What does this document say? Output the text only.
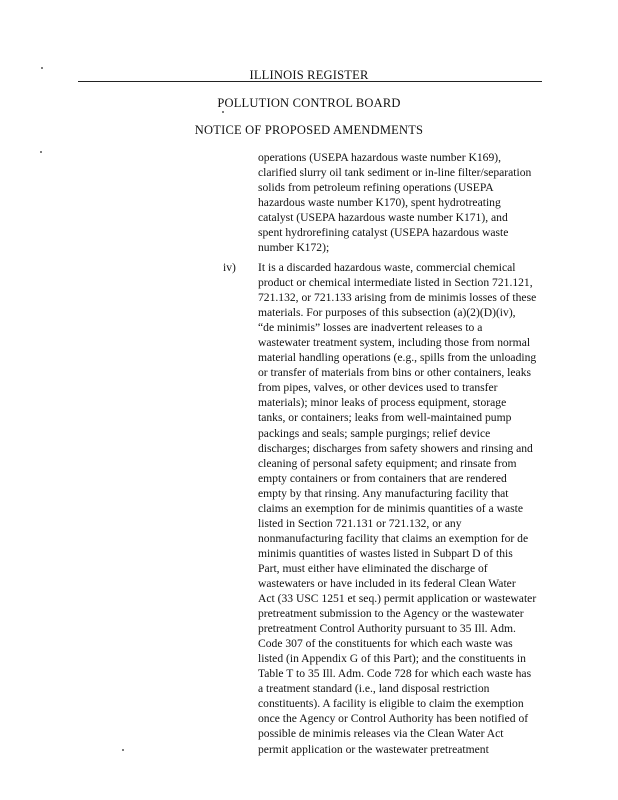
ILLINOIS REGISTER
POLLUTION CONTROL BOARD
NOTICE OF PROPOSED AMENDMENTS
operations (USEPA hazardous waste number K169),
clarified slurry oil tank sediment or in-line filter/separation
solids from petroleum refining operations (USEPA
hazardous waste number K170), spent hydrotreating
catalyst (USEPA hazardous waste number K171), and
spent hydrorefining catalyst (USEPA hazardous waste
number K172);
iv) It is a discarded hazardous waste, commercial chemical
product or chemical intermediate listed in Section 721.121,
721.132, or 721.133 arising from de minimis losses of these
materials. For purposes of this subsection (a)(2)(D)(iv),
“de minimis” losses are inadvertent releases to a
wastewater treatment system, including those from normal
material handling operations (e.g., spills from the unloading
or transfer of materials from bins or other containers, leaks
from pipes, valves, or other devices used to transfer
materials); minor leaks of process equipment, storage
tanks, or containers; leaks from well-maintained pump
packings and seals; sample purgings; relief device
discharges; discharges from safety showers and rinsing and
cleaning of personal safety equipment; and rinsate from
empty containers or from containers that are rendered
empty by that rinsing. Any manufacturing facility that
claims an exemption for de minimis quantities of a waste
listed in Section 721.131 or 721.132, or any
nonmanufacturing facility that claims an exemption for de
minimis quantities of wastes listed in Subpart D of this
Part, must either have eliminated the discharge of
wastewaters or have included in its federal Clean Water
Act (33 USC 1251 et seq.) permit application or wastewater
pretreatment submission to the Agency or the wastewater
pretreatment Control Authority pursuant to 35 Ill. Adm.
Code 307 of the constituents for which each waste was
listed (in Appendix G of this Part); and the constituents in
Table T to 35 Ill. Adm. Code 728 for which each waste has
a treatment standard (i.e., land disposal restriction
constituents). A facility is eligible to claim the exemption
once the Agency or Control Authority has been notified of
possible de minimis releases via the Clean Water Act
permit application or the wastewater pretreatment
